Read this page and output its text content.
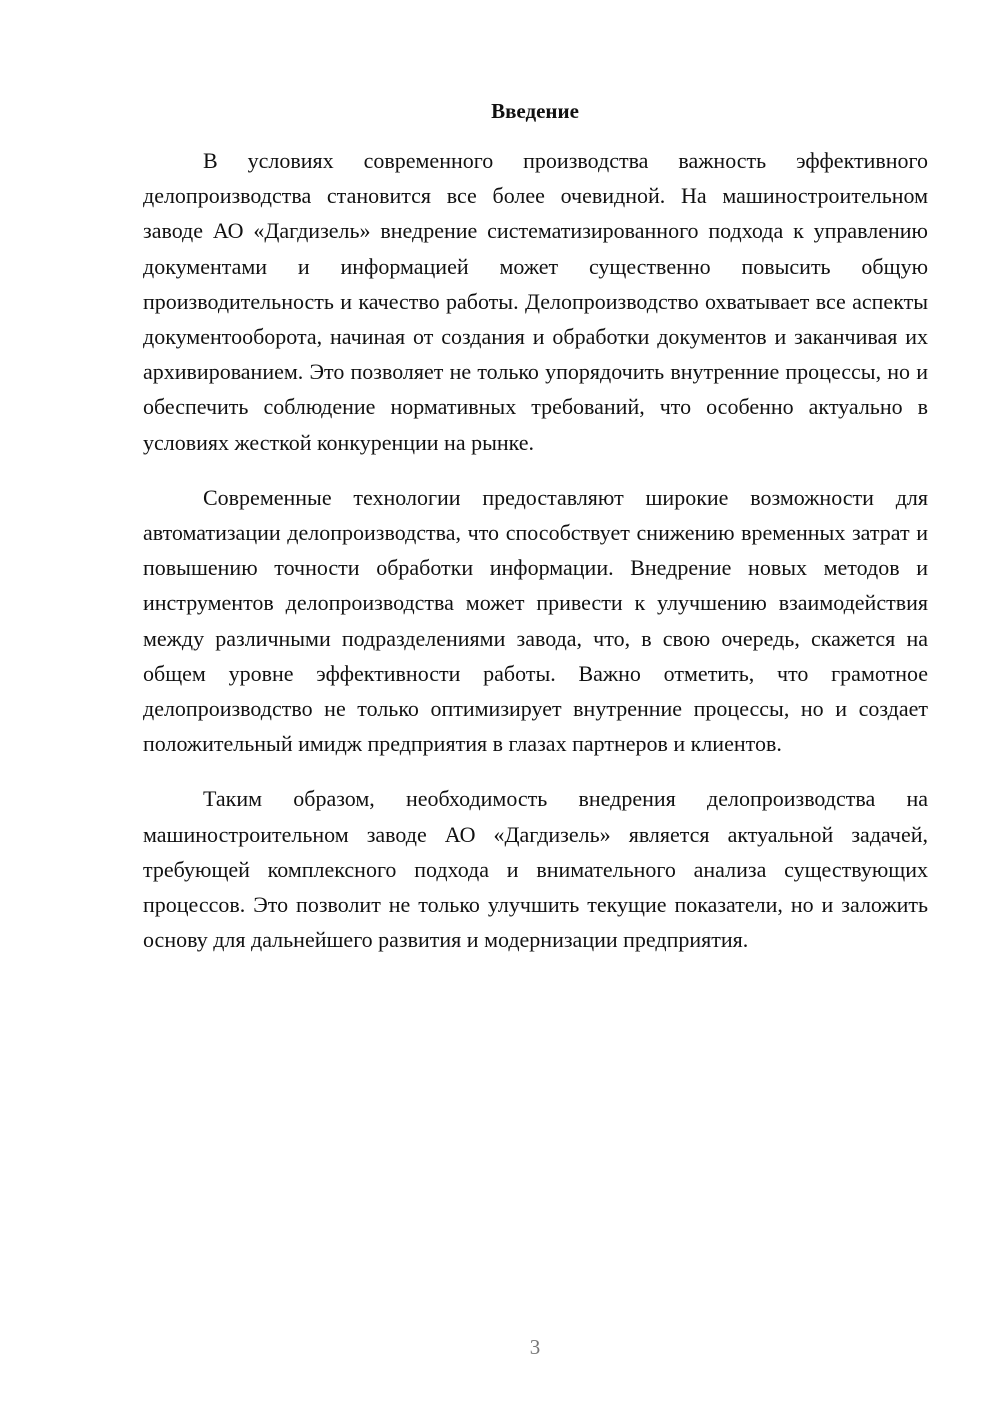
Введение

В условиях современного производства важность эффективного делопроизводства становится все более очевидной. На машиностроительном заводе АО «Дагдизель» внедрение систематизированного подхода к управлению документами и информацией может существенно повысить общую производительность и качество работы. Делопроизводство охватывает все аспекты документооборота, начиная от создания и обработки документов и заканчивая их архивированием. Это позволяет не только упорядочить внутренние процессы, но и обеспечить соблюдение нормативных требований, что особенно актуально в условиях жесткой конкуренции на рынке.

Современные технологии предоставляют широкие возможности для автоматизации делопроизводства, что способствует снижению временных затрат и повышению точности обработки информации. Внедрение новых методов и инструментов делопроизводства может привести к улучшению взаимодействия между различными подразделениями завода, что, в свою очередь, скажется на общем уровне эффективности работы. Важно отметить, что грамотное делопроизводство не только оптимизирует внутренние процессы, но и создает положительный имидж предприятия в глазах партнеров и клиентов.

Таким образом, необходимость внедрения делопроизводства на машиностроительном заводе АО «Дагдизель» является актуальной задачей, требующей комплексного подхода и внимательного анализа существующих процессов. Это позволит не только улучшить текущие показатели, но и заложить основу для дальнейшего развития и модернизации предприятия.

3
